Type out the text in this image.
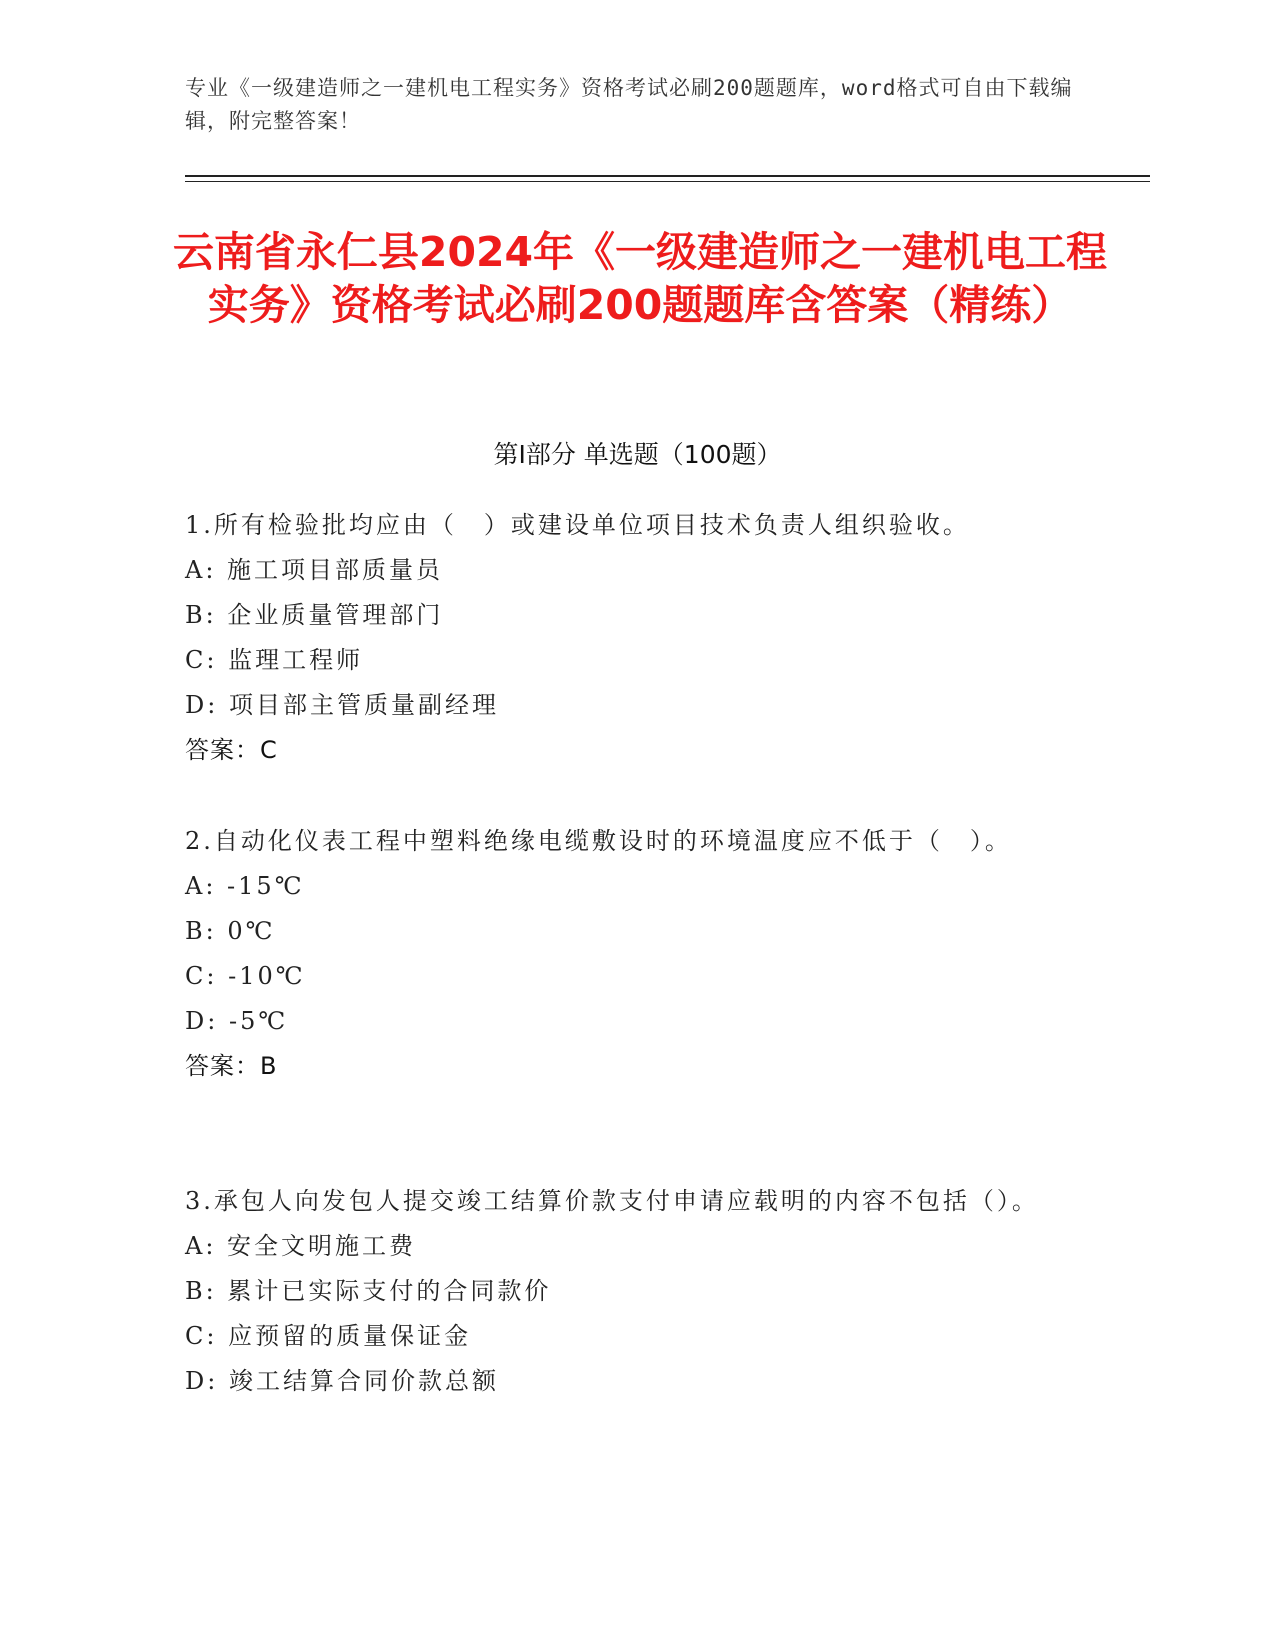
专业《一级建造师之一建机电工程实务》资格考试必刷200题题库，word格式可自由下载编辑，附完整答案！
云南省永仁县2024年《一级建造师之一建机电工程实务》资格考试必刷200题题库含答案（精练）
第I部分 单选题（100题）
1.所有检验批均应由（　）或建设单位项目技术负责人组织验收。
A: 施工项目部质量员
B: 企业质量管理部门
C: 监理工程师
D: 项目部主管质量副经理
答案：C
2.自动化仪表工程中塑料绝缘电缆敷设时的环境温度应不低于（　）。
A: -15℃
B: 0℃
C: -10℃
D: -5℃
答案：B
3.承包人向发包人提交竣工结算价款支付申请应载明的内容不包括（）。
A: 安全文明施工费
B: 累计已实际支付的合同款价
C: 应预留的质量保证金
D: 竣工结算合同价款总额
